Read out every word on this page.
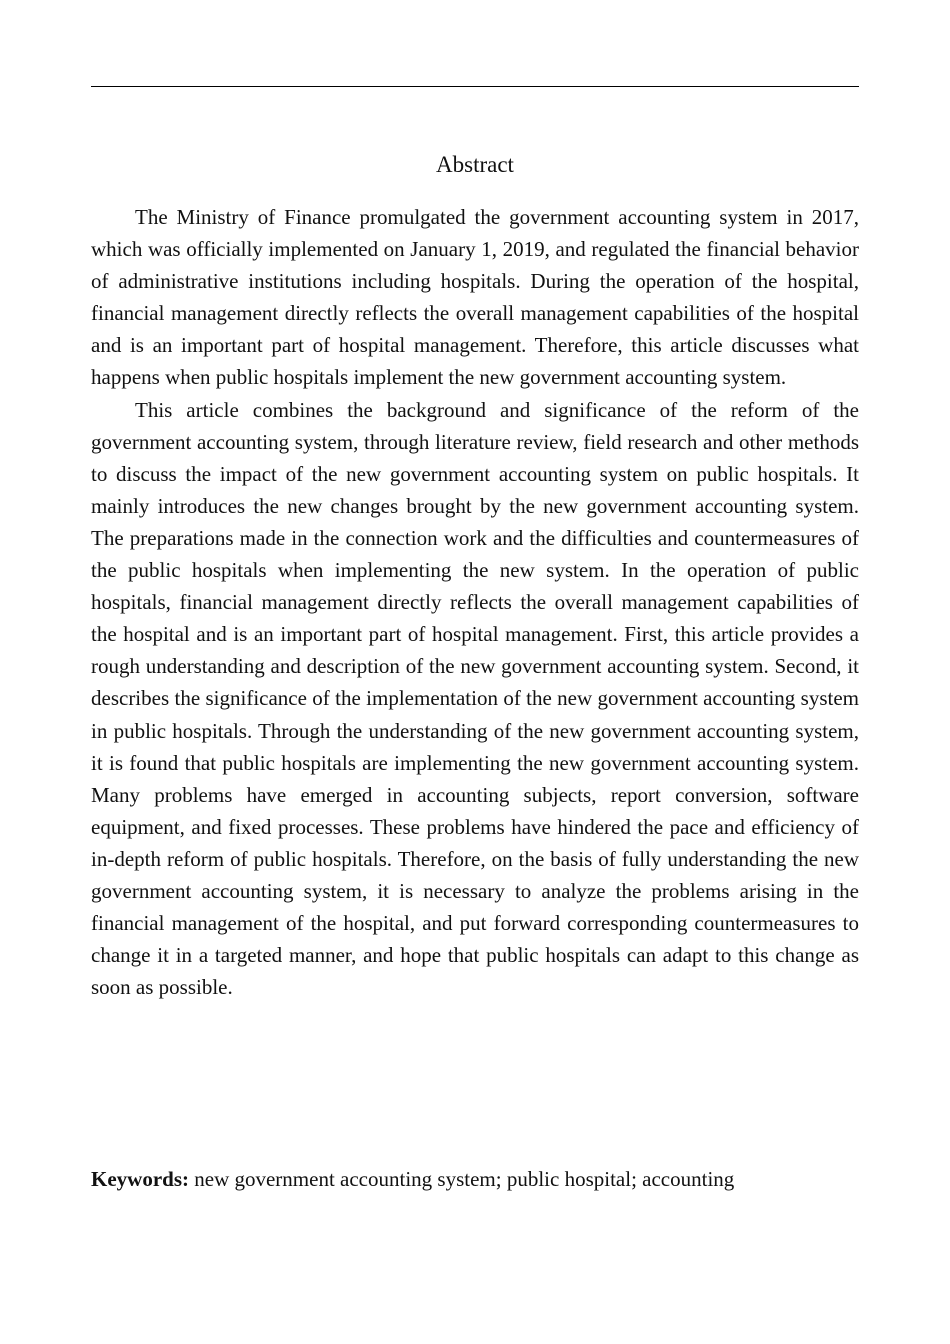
Abstract

The Ministry of Finance promulgated the government accounting system in 2017, which was officially implemented on January 1, 2019, and regulated the financial behavior of administrative institutions including hospitals. During the operation of the hospital, financial management directly reflects the overall management capabilities of the hospital and is an important part of hospital management. Therefore, this article discusses what happens when public hospitals implement the new government accounting system.

This article combines the background and significance of the reform of the government accounting system, through literature review, field research and other methods to discuss the impact of the new government accounting system on public hospitals. It mainly introduces the new changes brought by the new government accounting system. The preparations made in the connection work and the difficulties and countermeasures of the public hospitals when implementing the new system. In the operation of public hospitals, financial management directly reflects the overall management capabilities of the hospital and is an important part of hospital management. First, this article provides a rough understanding and description of the new government accounting system. Second, it describes the significance of the implementation of the new government accounting system in public hospitals. Through the understanding of the new government accounting system, it is found that public hospitals are implementing the new government accounting system. Many problems have emerged in accounting subjects, report conversion, software equipment, and fixed processes. These problems have hindered the pace and efficiency of in-depth reform of public hospitals. Therefore, on the basis of fully understanding the new government accounting system, it is necessary to analyze the problems arising in the financial management of the hospital, and put forward corresponding countermeasures to change it in a targeted manner, and hope that public hospitals can adapt to this change as soon as possible.

Keywords: new government accounting system; public hospital; accounting
